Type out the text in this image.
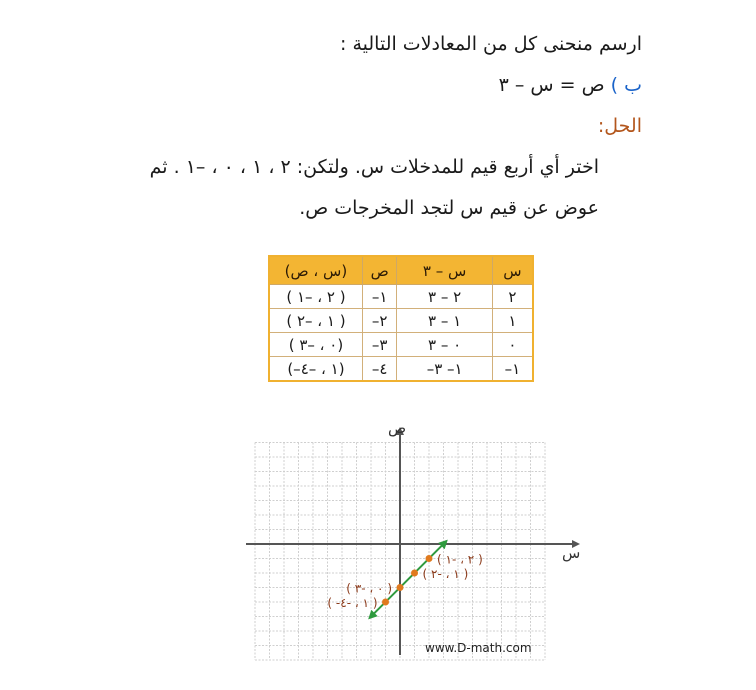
ارسم منحنى كل من المعادلات التالية :
ب ) ص = س – ٣
الحل:
اختر أي أربع قيم للمدخلات س. ولتكن: ٢ ، ١ ، ٠ ، –١ . ثم
عوض عن قيم س لتجد المخرجات ص.
(س ، ص)	ص	س – ٣	س
( ٢ ، –١ )	–١	٢ – ٣	٢
( ١ ، –٢ )	–٢	١ – ٣	١
( ٠ ، –٣)	–٣	٠ – ٣	٠
(–١ ، –٤)	–٤	–١– ٣	–١
ص
س
( ٢ ، -١ )
( ١ ، -٢ )
( ٠ ، -٣ )
( -١ ، -٤ )
www.D-math.com
